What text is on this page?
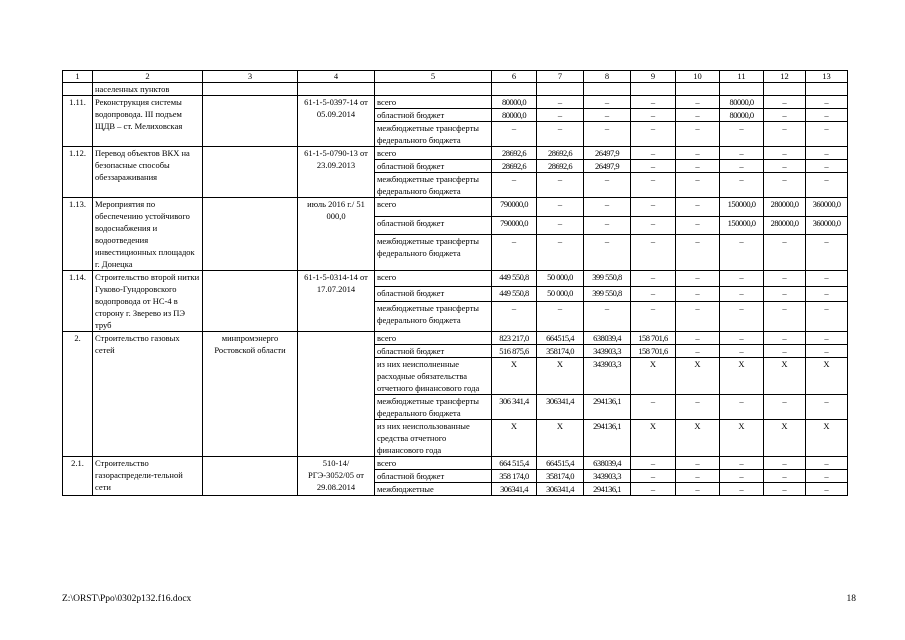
1	2	3	4	5	6	7	8	9	10	11	12	13
	населенных пунктов											
1.11.	Реконструкция системы водопровода. III подъем ЩДВ – ст. Мелиховская		61-1-5-0397-14 от 05.09.2014	всего	80000,0	–	–	–	–	80000,0	–	–
				областной бюджет	80000,0	–	–	–	–	80000,0	–	–
				межбюджетные трансферты федерального бюджета	–	–	–	–	–	–	–	–
1.12.	Перевод объектов ВКХ на безопасные способы обеззараживания		61-1-5-0790-13 от 23.09.2013	всего	28692,6	28692,6	26497,9	–	–	–	–	–
				областной бюджет	28692,6	28692,6	26497,9	–	–	–	–	–
				межбюджетные трансферты федерального бюджета	–	–	–	–	–	–	–	–
1.13.	Мероприятия по обеспечению устойчивого водоснабжения и водоотведения инвестиционных площадок г. Донецка		июль 2016 г./ 51 000,0	всего	790000,0	–	–	–	–	150000,0	280000,0	360000,0
				областной бюджет	790000,0	–	–	–	–	150000,0	280000,0	360000,0
				межбюджетные трансферты федерального бюджета	–	–	–	–	–	–	–	–
1.14.	Строительство второй нитки Гуково-Гундоровского водопровода от НС-4 в сторону г. Зверево из ПЭ труб		61-1-5-0314-14 от 17.07.2014	всего	449 550,8	50 000,0	399 550,8	–	–	–	–	–
				областной бюджет	449 550,8	50 000,0	399 550,8	–	–	–	–	–
				межбюджетные трансферты федерального бюджета	–	–	–	–	–	–	–	–
2.	Строительство газовых сетей	минпромэнерго Ростовской области		всего	823 217,0	664515,4	638039,4	158 701,6	–	–	–	–
				областной бюджет	516 875,6	358174,0	343903,3	158 701,6	–	–	–	–
				из них неисполненные расходные обязательства отчетного финансового года	X	X	343903,3	X	X	X	X	X
				межбюджетные трансферты федерального бюджета	306 341,4	306341,4	294136,1	–	–	–	–	–
				из них неиспользованные средства отчетного финансового года	X	X	294136,1	X	X	X	X	X
2.1.	Строительство газораспредели-тельной сети		510-14/РГЭ-3052/05 от 29.08.2014	всего	664 515,4	664515,4	638039,4	–	–	–	–	–
				областной бюджет	358 174,0	358174,0	343903,3	–	–	–	–	–
				межбюджетные	306341,4	306341,4	294136,1	–	–	–	–	–
Z:\ORST\Ppo\0302p132.f16.docx	18
